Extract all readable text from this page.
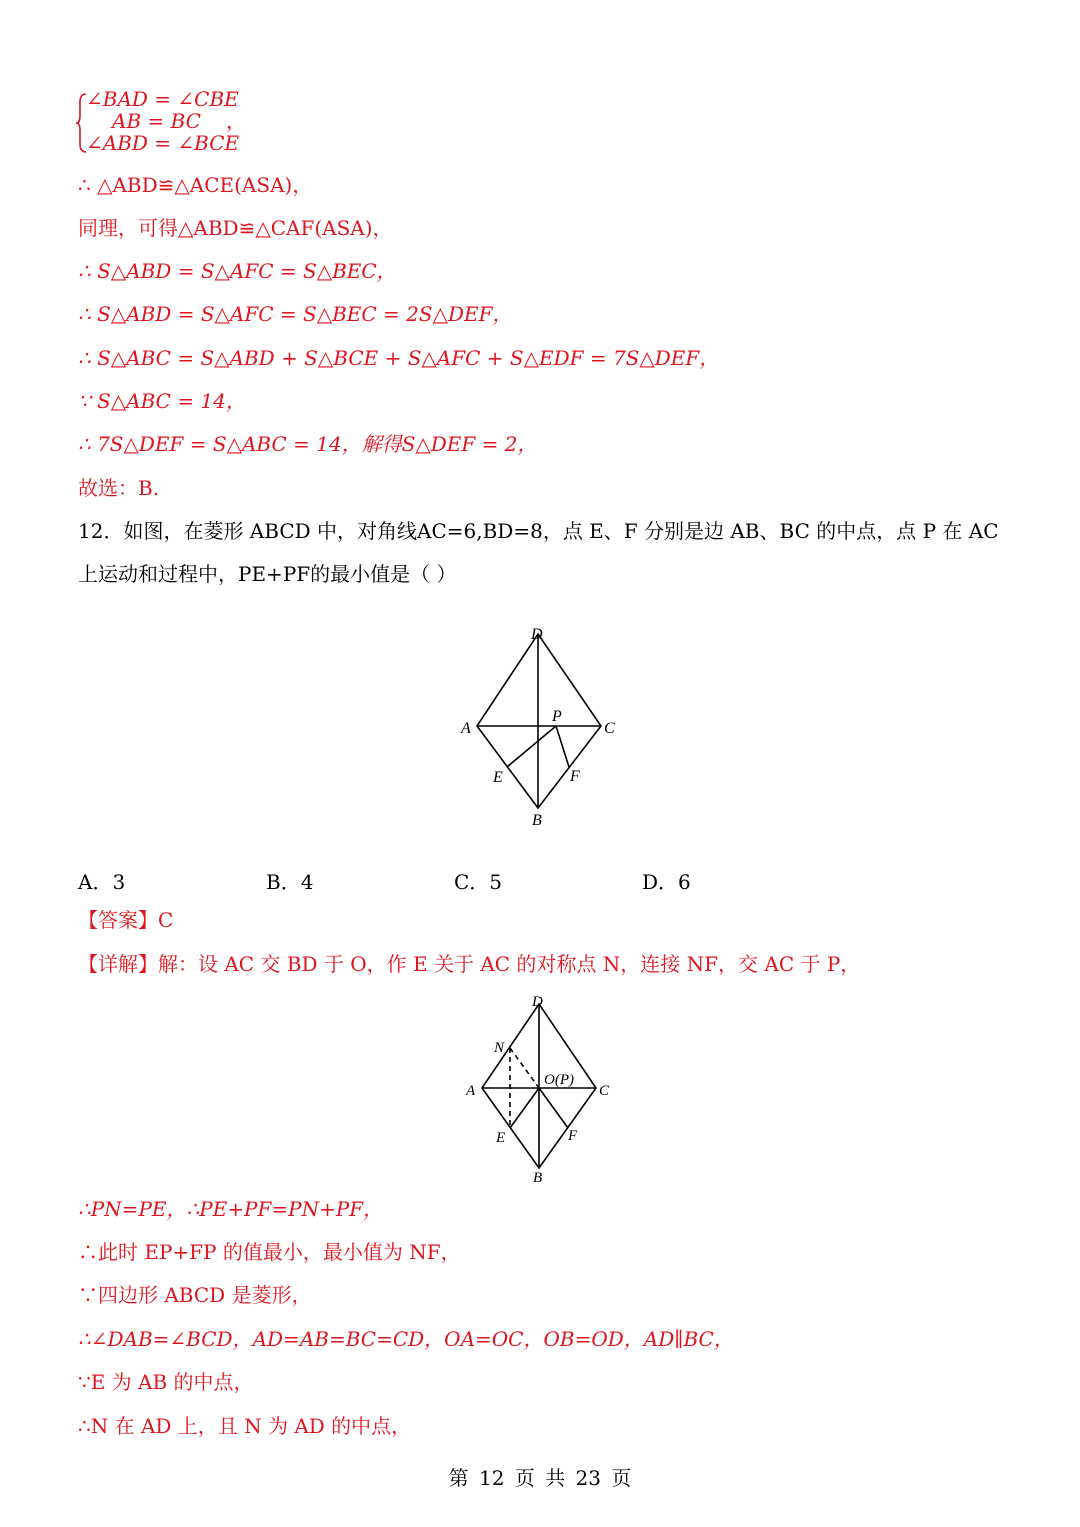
∠BAD = ∠CBE
AB = BC ，
∠ABD = ∠BCE
∴ △ABD≌△ACE(ASA)，
同理，可得△ABD≌△CAF(ASA)，
∴ S△ABD = S△AFC = S△BEC，
∴ S△ABD = S△AFC = S△BEC = 2S△DEF，
∴ S△ABC = S△ABD + S△BCE + S△AFC + S△EDF = 7S△DEF，
∵ S△ABC = 14，
∴ 7S△DEF = S△ABC = 14，解得S△DEF = 2，
故选：B.
12．如图，在菱形 ABCD 中，对角线AC=6,BD=8，点 E、F 分别是边 AB、BC 的中点，点 P 在 AC
上运动和过程中，PE+PF的最小值是（ ）
D
A
P
C
E	F
B
A．3	B．4	C．5	D．6
【答案】C
【详解】解：设 AC 交 BD 于 O，作 E 关于 AC 的对称点 N，连接 NF，交 AC 于 P，
D
N
A
O(P)
C
E	F
B
∴PN=PE，∴PE+PF=PN+PF，
∴此时 EP+FP 的值最小，最小值为 NF，
∵四边形 ABCD 是菱形，
∴∠DAB=∠BCD，AD=AB=BC=CD，OA=OC，OB=OD，AD∥BC，
∵E 为 AB 的中点，
∴N 在 AD 上，且 N 为 AD 的中点，
第 12 页 共 23 页
